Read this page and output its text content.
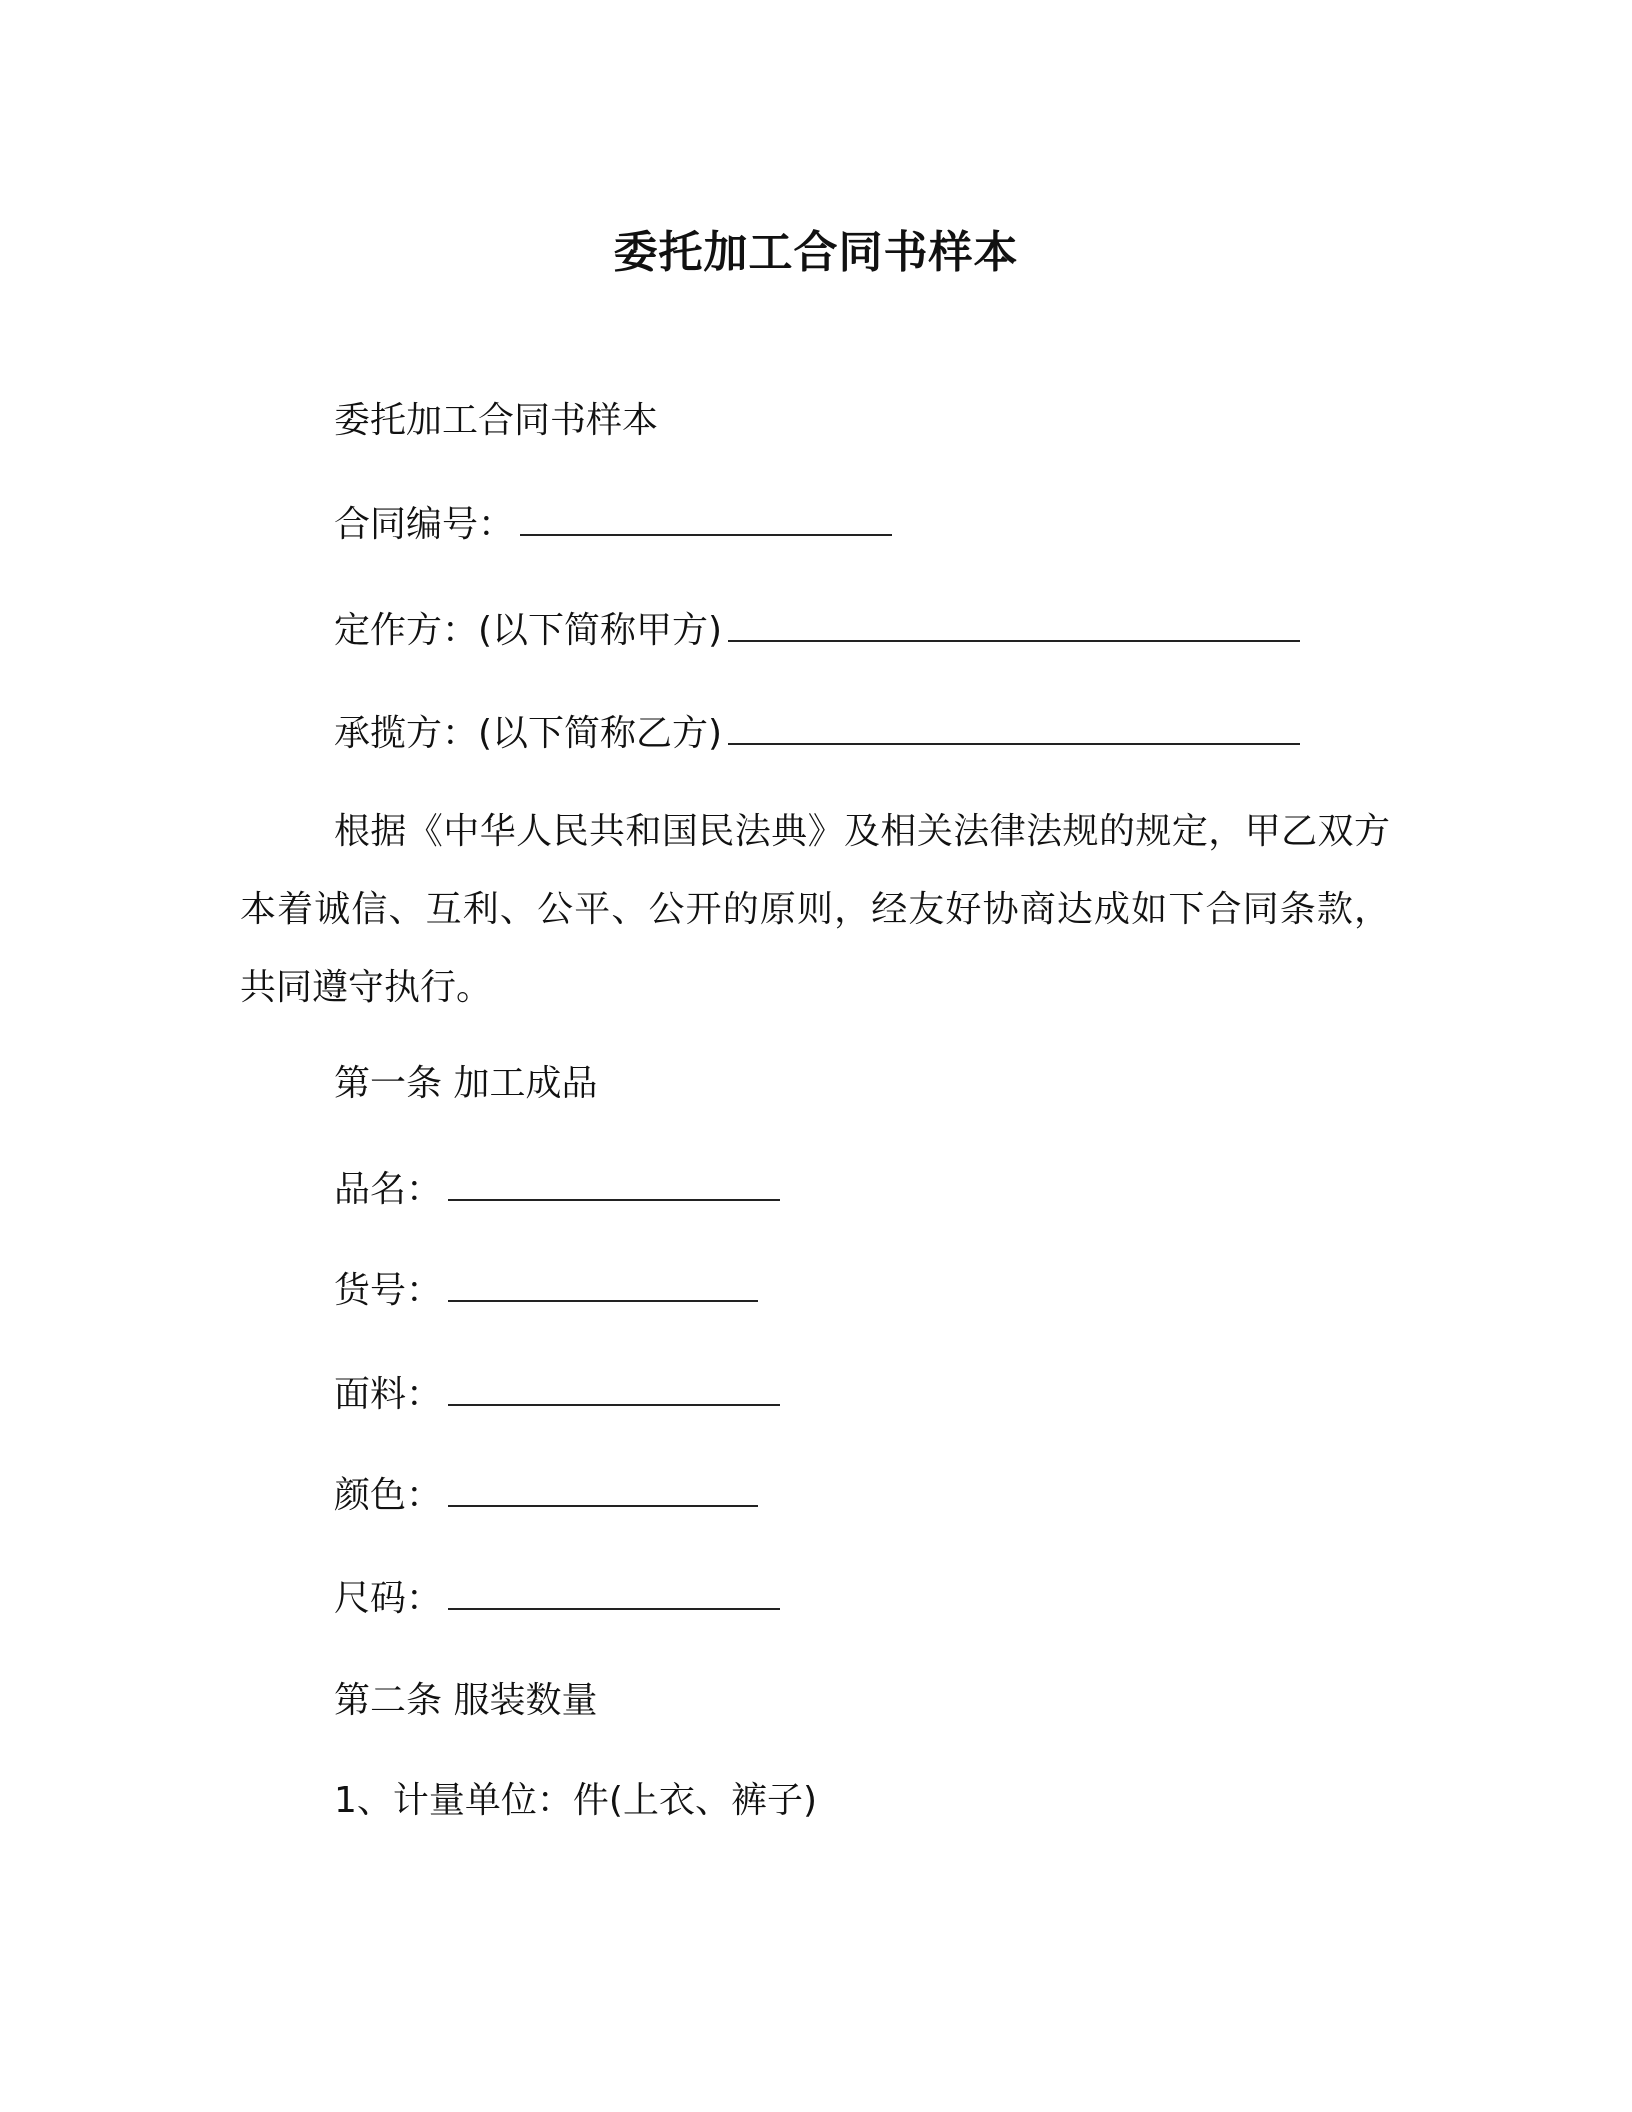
委托加工合同书样本
委托加工合同书样本
合同编号：
定作方：(以下简称甲方)
承揽方：(以下简称乙方)
根据《中华人民共和国民法典》及相关法律法规的规定，甲乙双方本着诚信、互利、公平、公开的原则，经友好协商达成如下合同条款，共同遵守执行。
第一条 加工成品
品名：
货号：
面料：
颜色：
尺码：
第二条 服装数量
1、计量单位：件(上衣、裤子)
